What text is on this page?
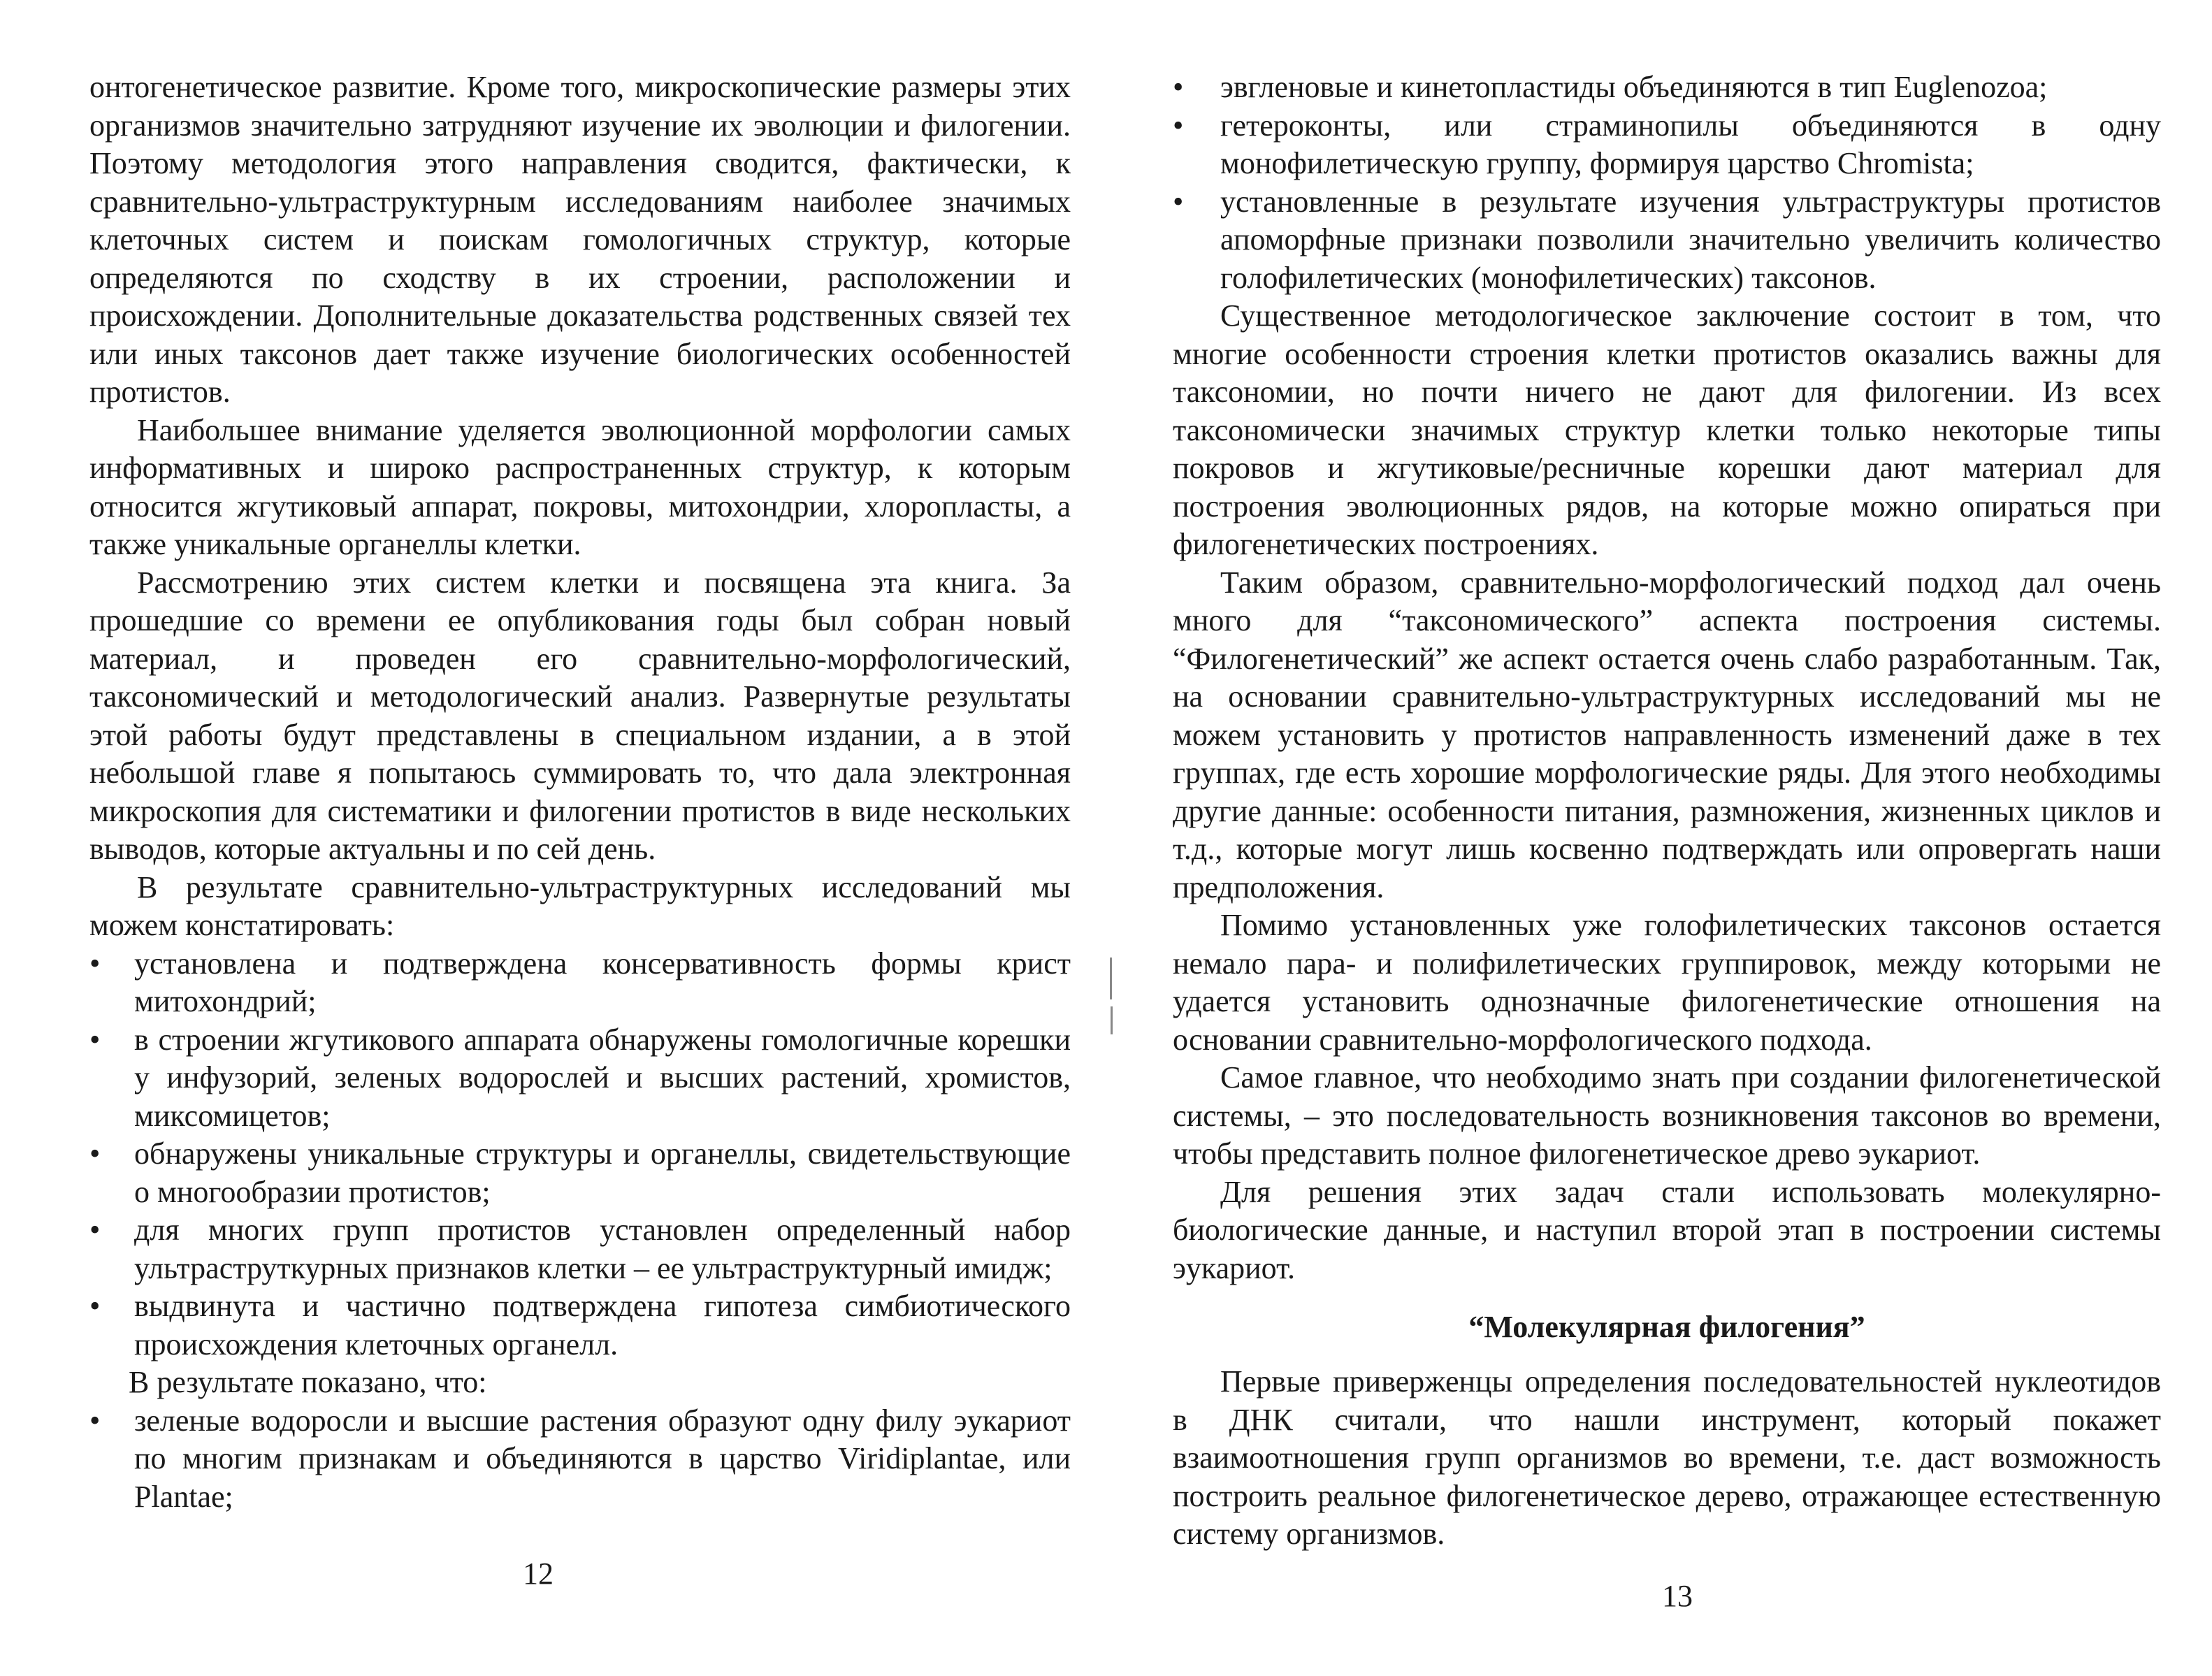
онтогенетическое развитие. Кроме того, микроскопические размеры этих организмов значительно затрудняют изучение их эволюции и филогении. Поэтому методология этого направления сводится, фактически, к сравнительно-ультраструктурным исследованиям наиболее значимых клеточных систем и поискам гомологичных структур, которые определяются по сходству в их строении, расположении и происхождении. Дополнительные доказательства родственных связей тех или иных таксонов дает также изучение биологических особенностей протистов.

Наибольшее внимание уделяется эволюционной морфологии самых информативных и широко распространенных структур, к которым относится жгутиковый аппарат, покровы, митохондрии, хлоропласты, а также уникальные органеллы клетки.

Рассмотрению этих систем клетки и посвящена эта книга. За прошедшие со времени ее опубликования годы был собран новый материал, и проведен его сравнительно-морфологический, таксономический и методологический анализ. Развернутые результаты этой работы будут представлены в специальном издании, а в этой небольшой главе я попытаюсь суммировать то, что дала электронная микроскопия для систематики и филогении протистов в виде нескольких выводов, которые актуальны и по сей день.

В результате сравнительно-ультраструктурных исследований мы можем констатировать:

•	установлена и подтверждена консервативность формы крист митохондрий;
•	в строении жгутикового аппарата обнаружены гомологичные корешки у инфузорий, зеленых водорослей и высших растений, хромистов, миксомицетов;
•	обнаружены уникальные структуры и органеллы, свидетельствующие о многообразии протистов;
•	для многих групп протистов установлен определенный набор ультраструткурных признаков клетки – ее ультраструктурный имидж;
•	выдвинута и частично подтверждена гипотеза симбиотического происхождения клеточных органелл.

В результате показано, что:

•	зеленые водоросли и высшие растения образуют одну филу эукариот по многим признакам и объединяются в царство Viridiplantae, или Plantae;
12
•	эвгленовые и кинетопластиды объединяются в тип Euglenozoa;
•	гетероконты, или страминопилы объединяются в одну монофилетическую группу, формируя царство Chromista;
•	установленные в результате изучения ультраструктуры протистов апоморфные признаки позволили значительно увеличить количество голофилетических (монофилетических) таксонов.

Существенное методологическое заключение состоит в том, что многие особенности строения клетки протистов оказались важны для таксономии, но почти ничего не дают для филогении. Из всех таксономически значимых структур клетки только некоторые типы покровов и жгутиковые/ресничные корешки дают материал для построения эволюционных рядов, на которые можно опираться при филогенетических построениях.

Таким образом, сравнительно-морфологический подход дал очень много для “таксономического” аспекта построения системы. “Филогенетический” же аспект остается очень слабо разработанным. Так, на основании сравнительно-ультраструктурных исследований мы не можем установить у протистов направленность изменений даже в тех группах, где есть хорошие морфологические ряды. Для этого необходимы другие данные: особенности питания, размножения, жизненных циклов и т.д., которые могут лишь косвенно подтверждать или опровергать наши предположения.

Помимо установленных уже голофилетических таксонов остается немало пара- и полифилетических группировок, между которыми не удается установить однозначные филогенетические отношения на основании сравнительно-морфологического подхода.

Самое главное, что необходимо знать при создании филогенетической системы, – это последовательность возникновения таксонов во времени, чтобы представить полное филогенетическое древо эукариот.

Для решения этих задач стали использовать молекулярно-биологические данные, и наступил второй этап в построении системы эукариот.

“Молекулярная филогения”

Первые приверженцы определения последовательностей нуклеотидов в ДНК считали, что нашли инструмент, который покажет взаимоотношения групп организмов во времени, т.е. даст возможность построить реальное филогенетическое дерево, отражающее естественную систему организмов.

13
